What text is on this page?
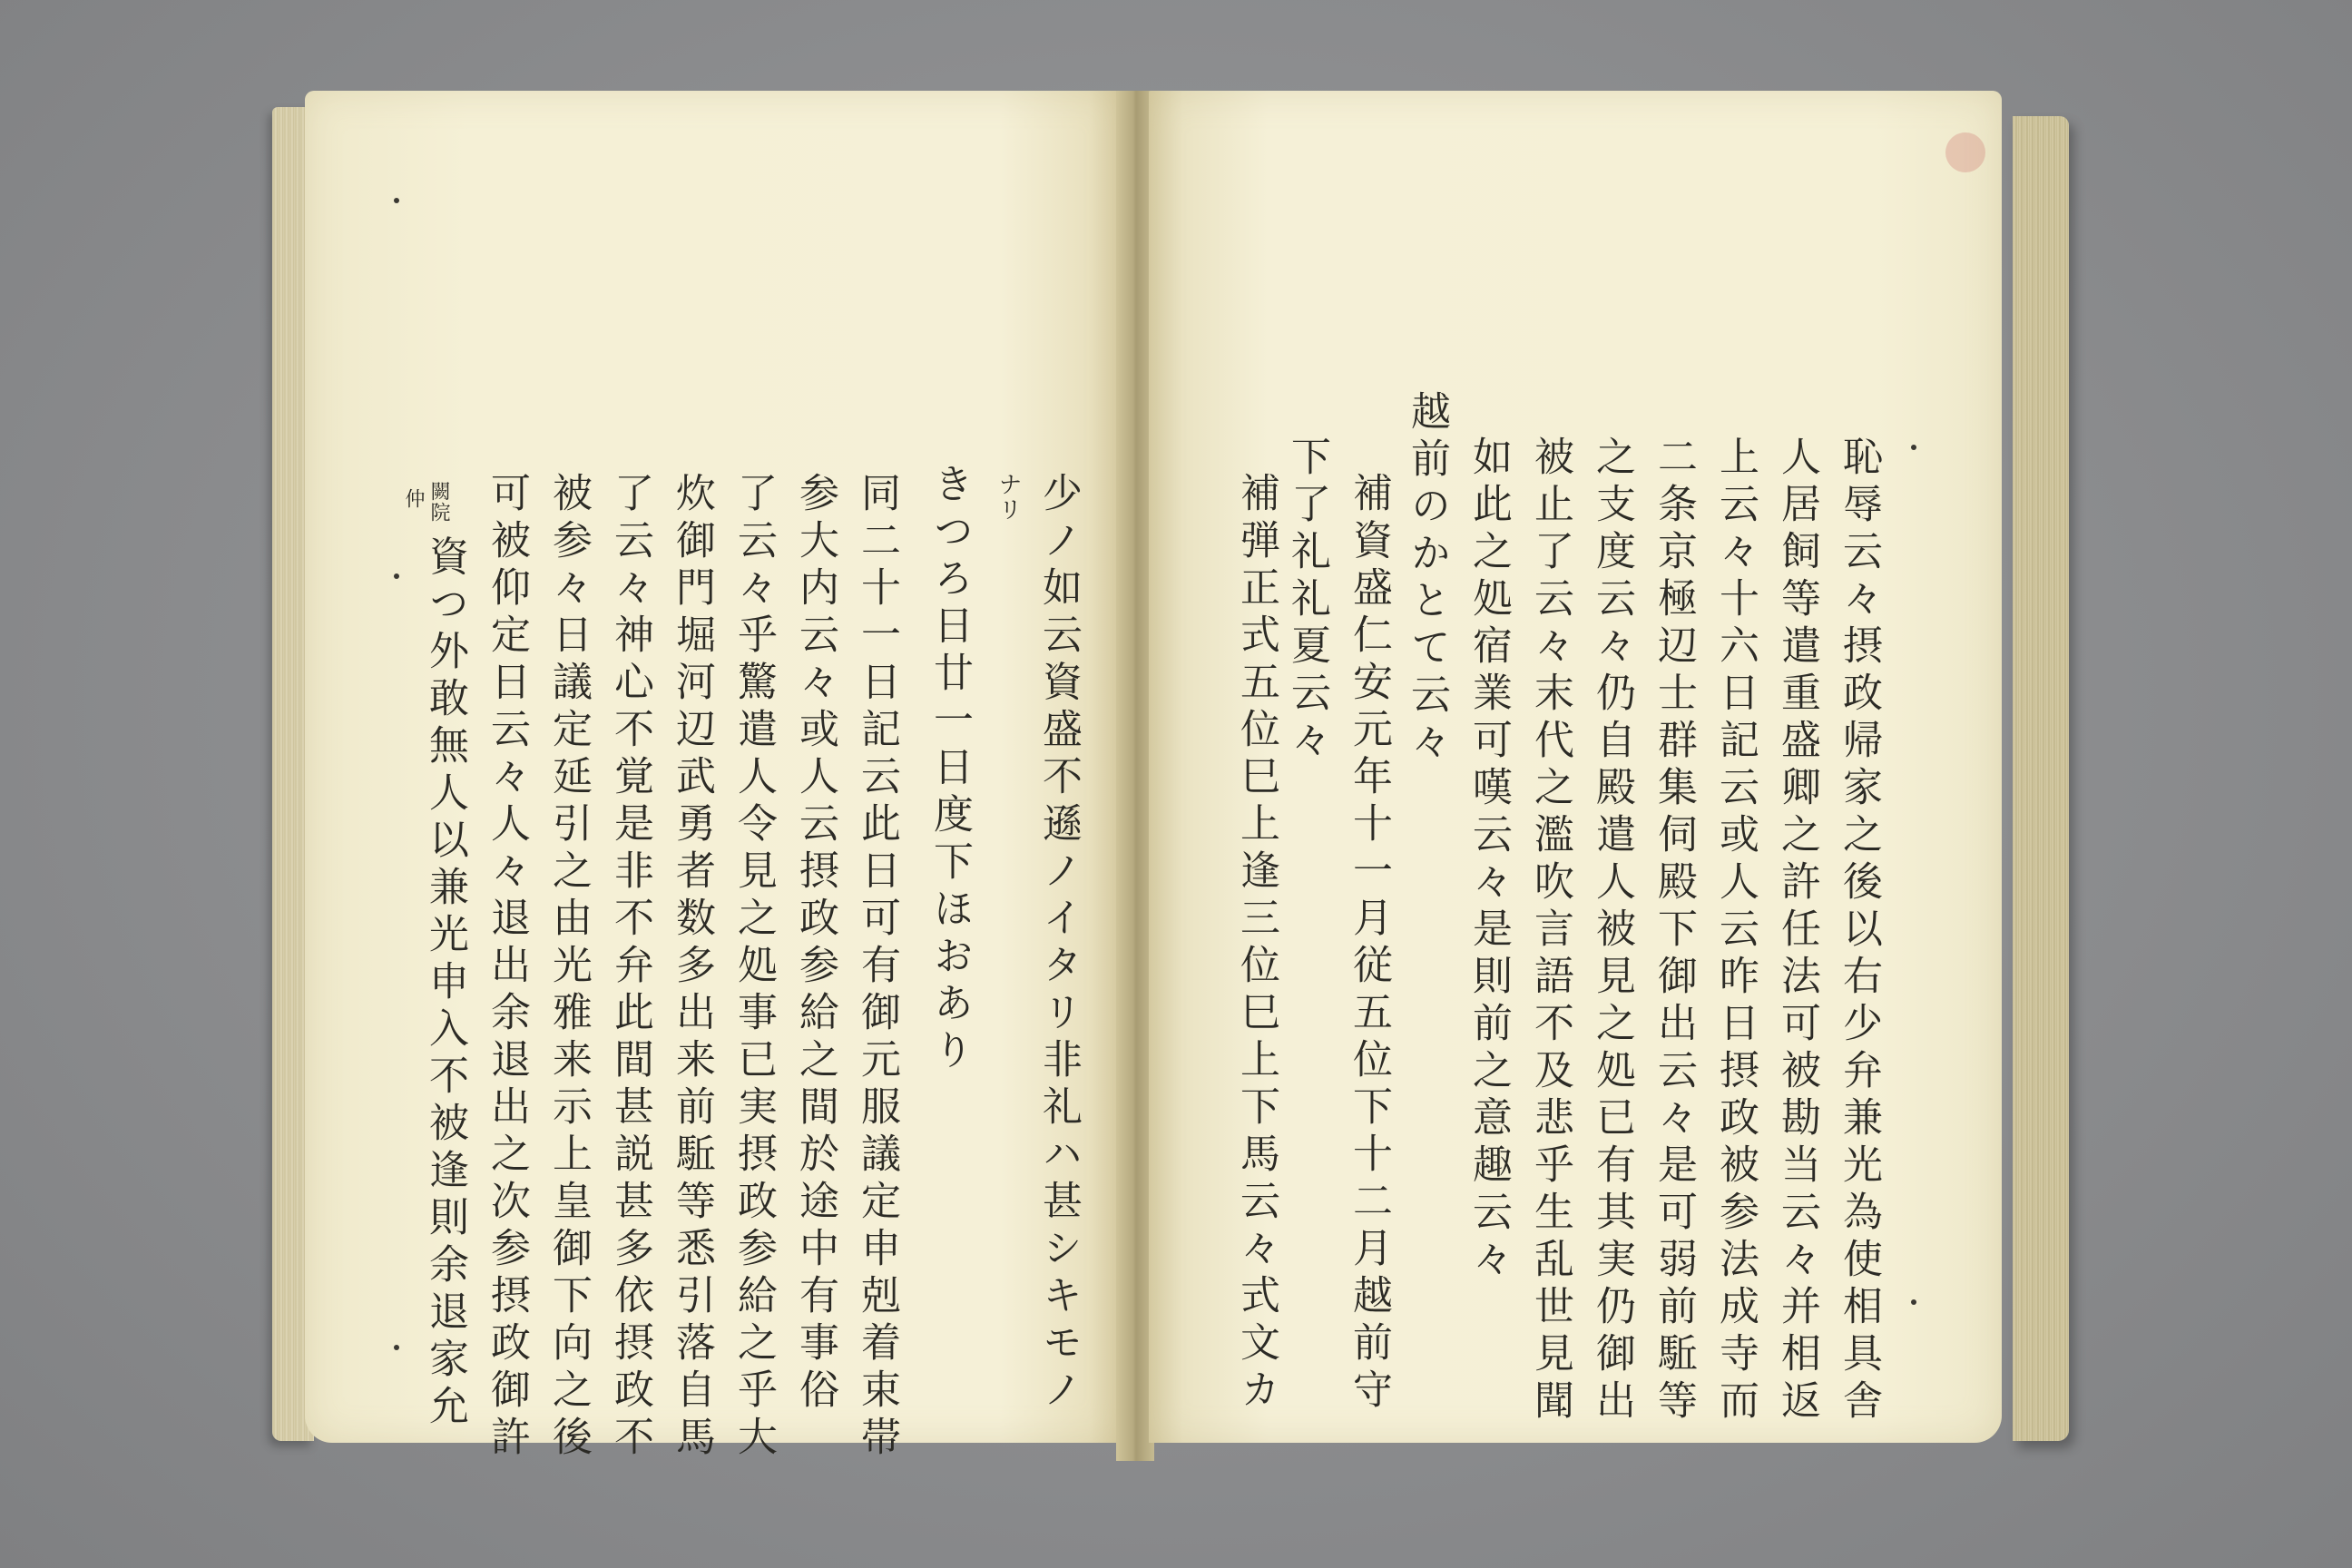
少ノ如云資盛不遜ノイタリ非礼ハ甚シキモノ
ナリ
きつろ日廿一日度下ほおあり
同二十一日記云此日可有御元服議定申剋着束帯
参大内云々或人云摂政参給之間於途中有事俗
了云々乎驚遣人令見之処事已実摂政参給之乎大
炊御門堀河辺武勇者数多出来前駈等悉引落自馬
了云々神心不覚是非不弁此間甚説甚多依摂政不
被参々日議定延引之由光雅来示上皇御下向之後
可被仰定日云々人々退出余退出之次参摂政御許
資つ外敢無人以兼光申入不被逢則余退家允
仲 闕院	恥辱云々摂政帰家之後以右少弁兼光為使相具舎
人居飼等遣重盛卿之許任法可被勘当云々并相返
上云々十六日記云或人云昨日摂政被参法成寺而
二条京極辺士群集伺殿下御出云々是可弱前駈等
之支度云々仍自殿遣人被見之処已有其実仍御出
被止了云々末代之濫吹言語不及悲乎生乱世見聞
如此之処宿業可嘆云々是則前之意趣云々
越前のかとて云々
補資盛仁安元年十一月従五位下十二月越前守
下了礼礼夏云々
補弾正式五位巳上逢三位巳上下馬云々式文カ
